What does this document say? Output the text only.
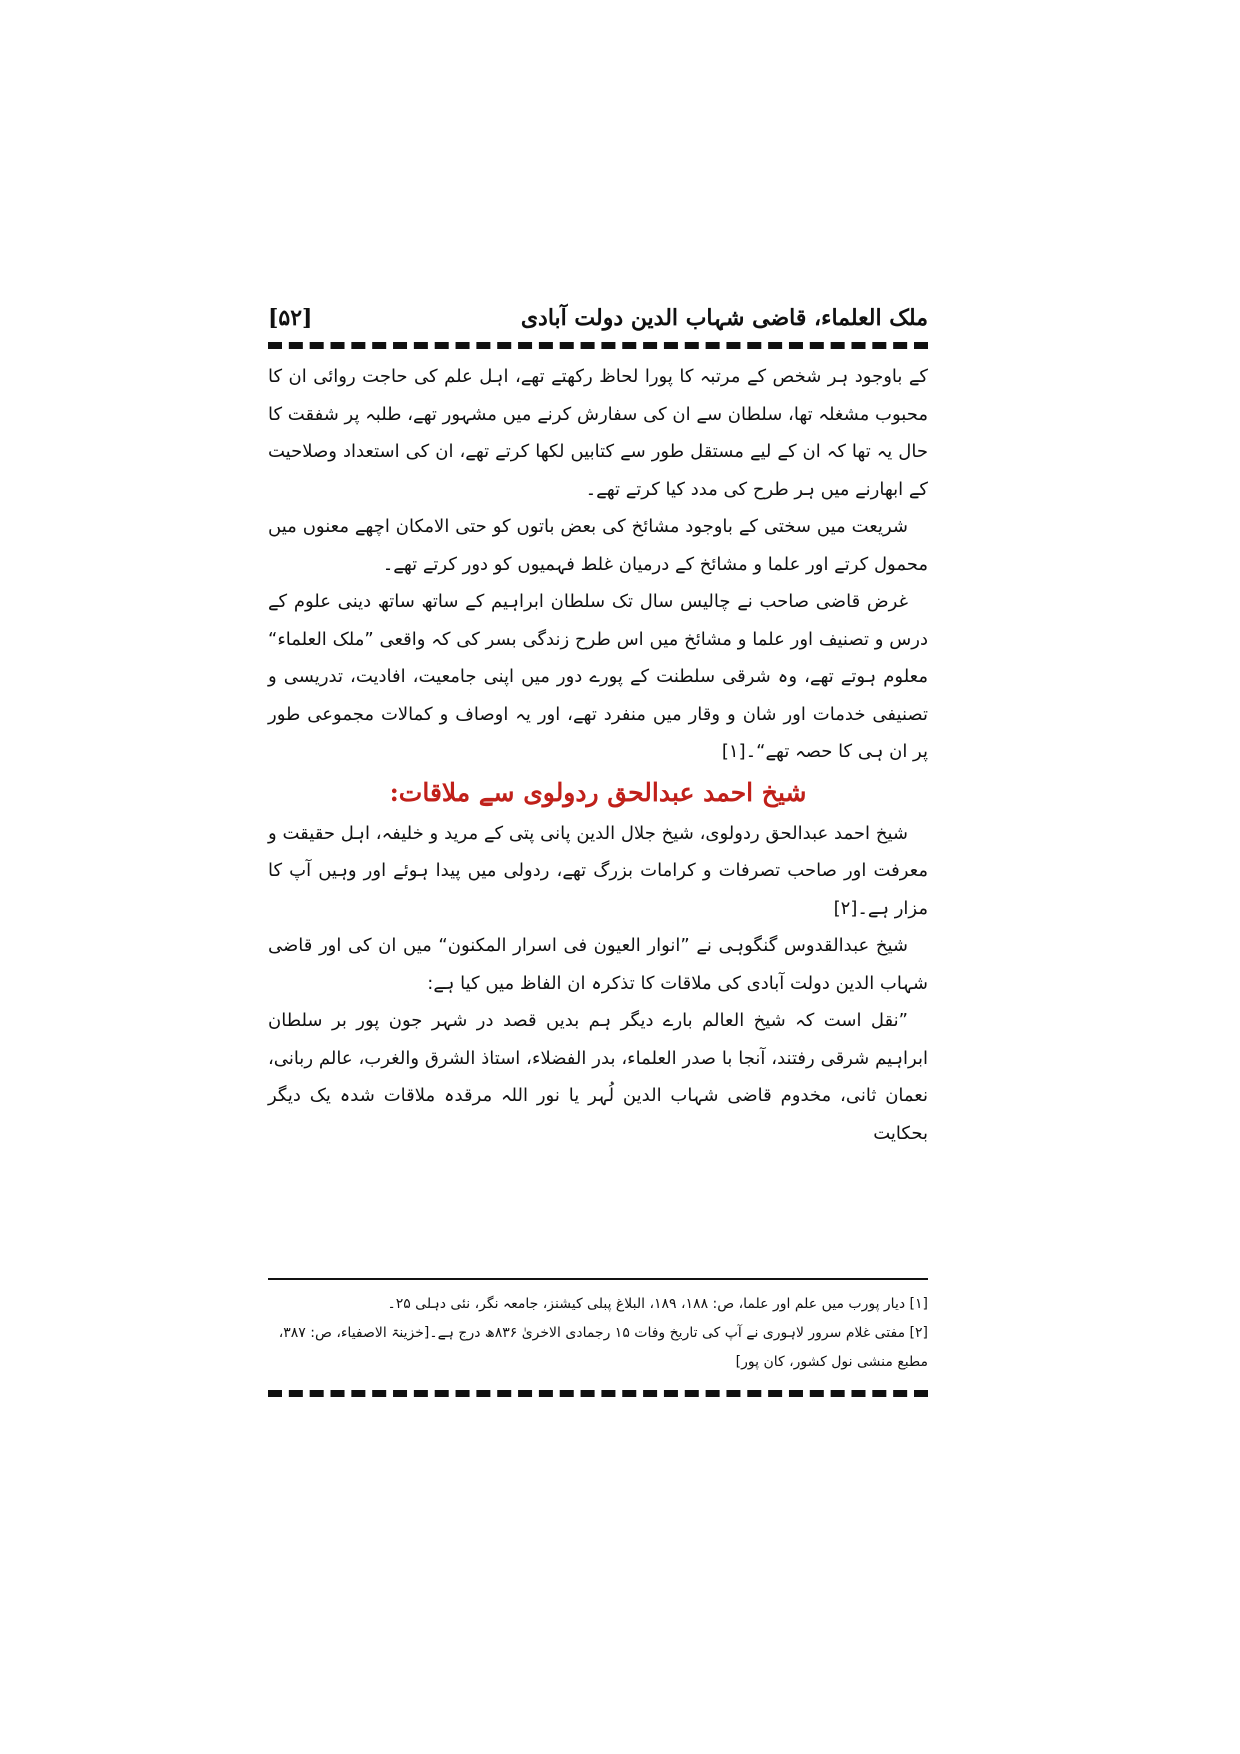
ملک العلماء، قاضی شہاب الدین دولت آبادی
[۵۲]

کے باوجود ہر شخص کے مرتبہ کا پورا لحاظ رکھتے تھے، اہل علم کی حاجت روائی ان کا محبوب مشغلہ تھا، سلطان سے ان کی سفارش کرنے میں مشہور تھے، طلبہ پر شفقت کا حال یہ تھا کہ ان کے لیے مستقل طور سے کتابیں لکھا کرتے تھے، ان کی استعداد وصلاحیت کے ابھارنے میں ہر طرح کی مدد کیا کرتے تھے۔

شریعت میں سختی کے باوجود مشائخ کی بعض باتوں کو حتی الامکان اچھے معنوں میں محمول کرتے اور علما و مشائخ کے درمیان غلط فہمیوں کو دور کرتے تھے۔

غرض قاضی صاحب نے چالیس سال تک سلطان ابراہیم کے ساتھ ساتھ دینی علوم کے درس و تصنیف اور علما و مشائخ میں اس طرح زندگی بسر کی کہ واقعی ”ملک العلماء“ معلوم ہوتے تھے، وہ شرقی سلطنت کے پورے دور میں اپنی جامعیت، افادیت، تدریسی و تصنیفی خدمات اور شان و وقار میں منفرد تھے، اور یہ اوصاف و کمالات مجموعی طور پر ان ہی کا حصہ تھے“۔[۱]

شیخ احمد عبدالحق ردولوی سے ملاقات:

شیخ احمد عبدالحق ردولوی، شیخ جلال الدین پانی پتی کے مرید و خلیفہ، اہل حقیقت و معرفت اور صاحب تصرفات و کرامات بزرگ تھے، ردولی میں پیدا ہوئے اور وہیں آپ کا مزار ہے۔[۲]

شیخ عبدالقدوس گنگوہی نے ”انوار العیون فی اسرار المکنون“ میں ان کی اور قاضی شہاب الدین دولت آبادی کی ملاقات کا تذکرہ ان الفاظ میں کیا ہے:

”نقل است کہ شیخ العالم بارے دیگر ہم بدیں قصد در شہر جون پور بر سلطان ابراہیم شرقی رفتند، آنجا با صدر العلماء، بدر الفضلاء، استاذ الشرق والغرب، عالم ربانی، نعمان ثانی، مخدوم قاضی شہاب الدین لُہر یا نور اللہ مرقدہ ملاقات شدہ یک دیگر بحکایت

[۱] دیار پورب میں علم اور علما، ص: ۱۸۸، ۱۸۹، البلاغ پبلی کیشنز، جامعہ نگر، نئی دہلی ۲۵۔

[۲] مفتی غلام سرور لاہوری نے آپ کی تاریخ وفات ۱۵ رجمادی الاخریٰ ۸۳۶ھ درج ہے۔[خزینۃ الاصفیاء، ص: ۳۸۷، مطبع منشی نول کشور، کان پور]
